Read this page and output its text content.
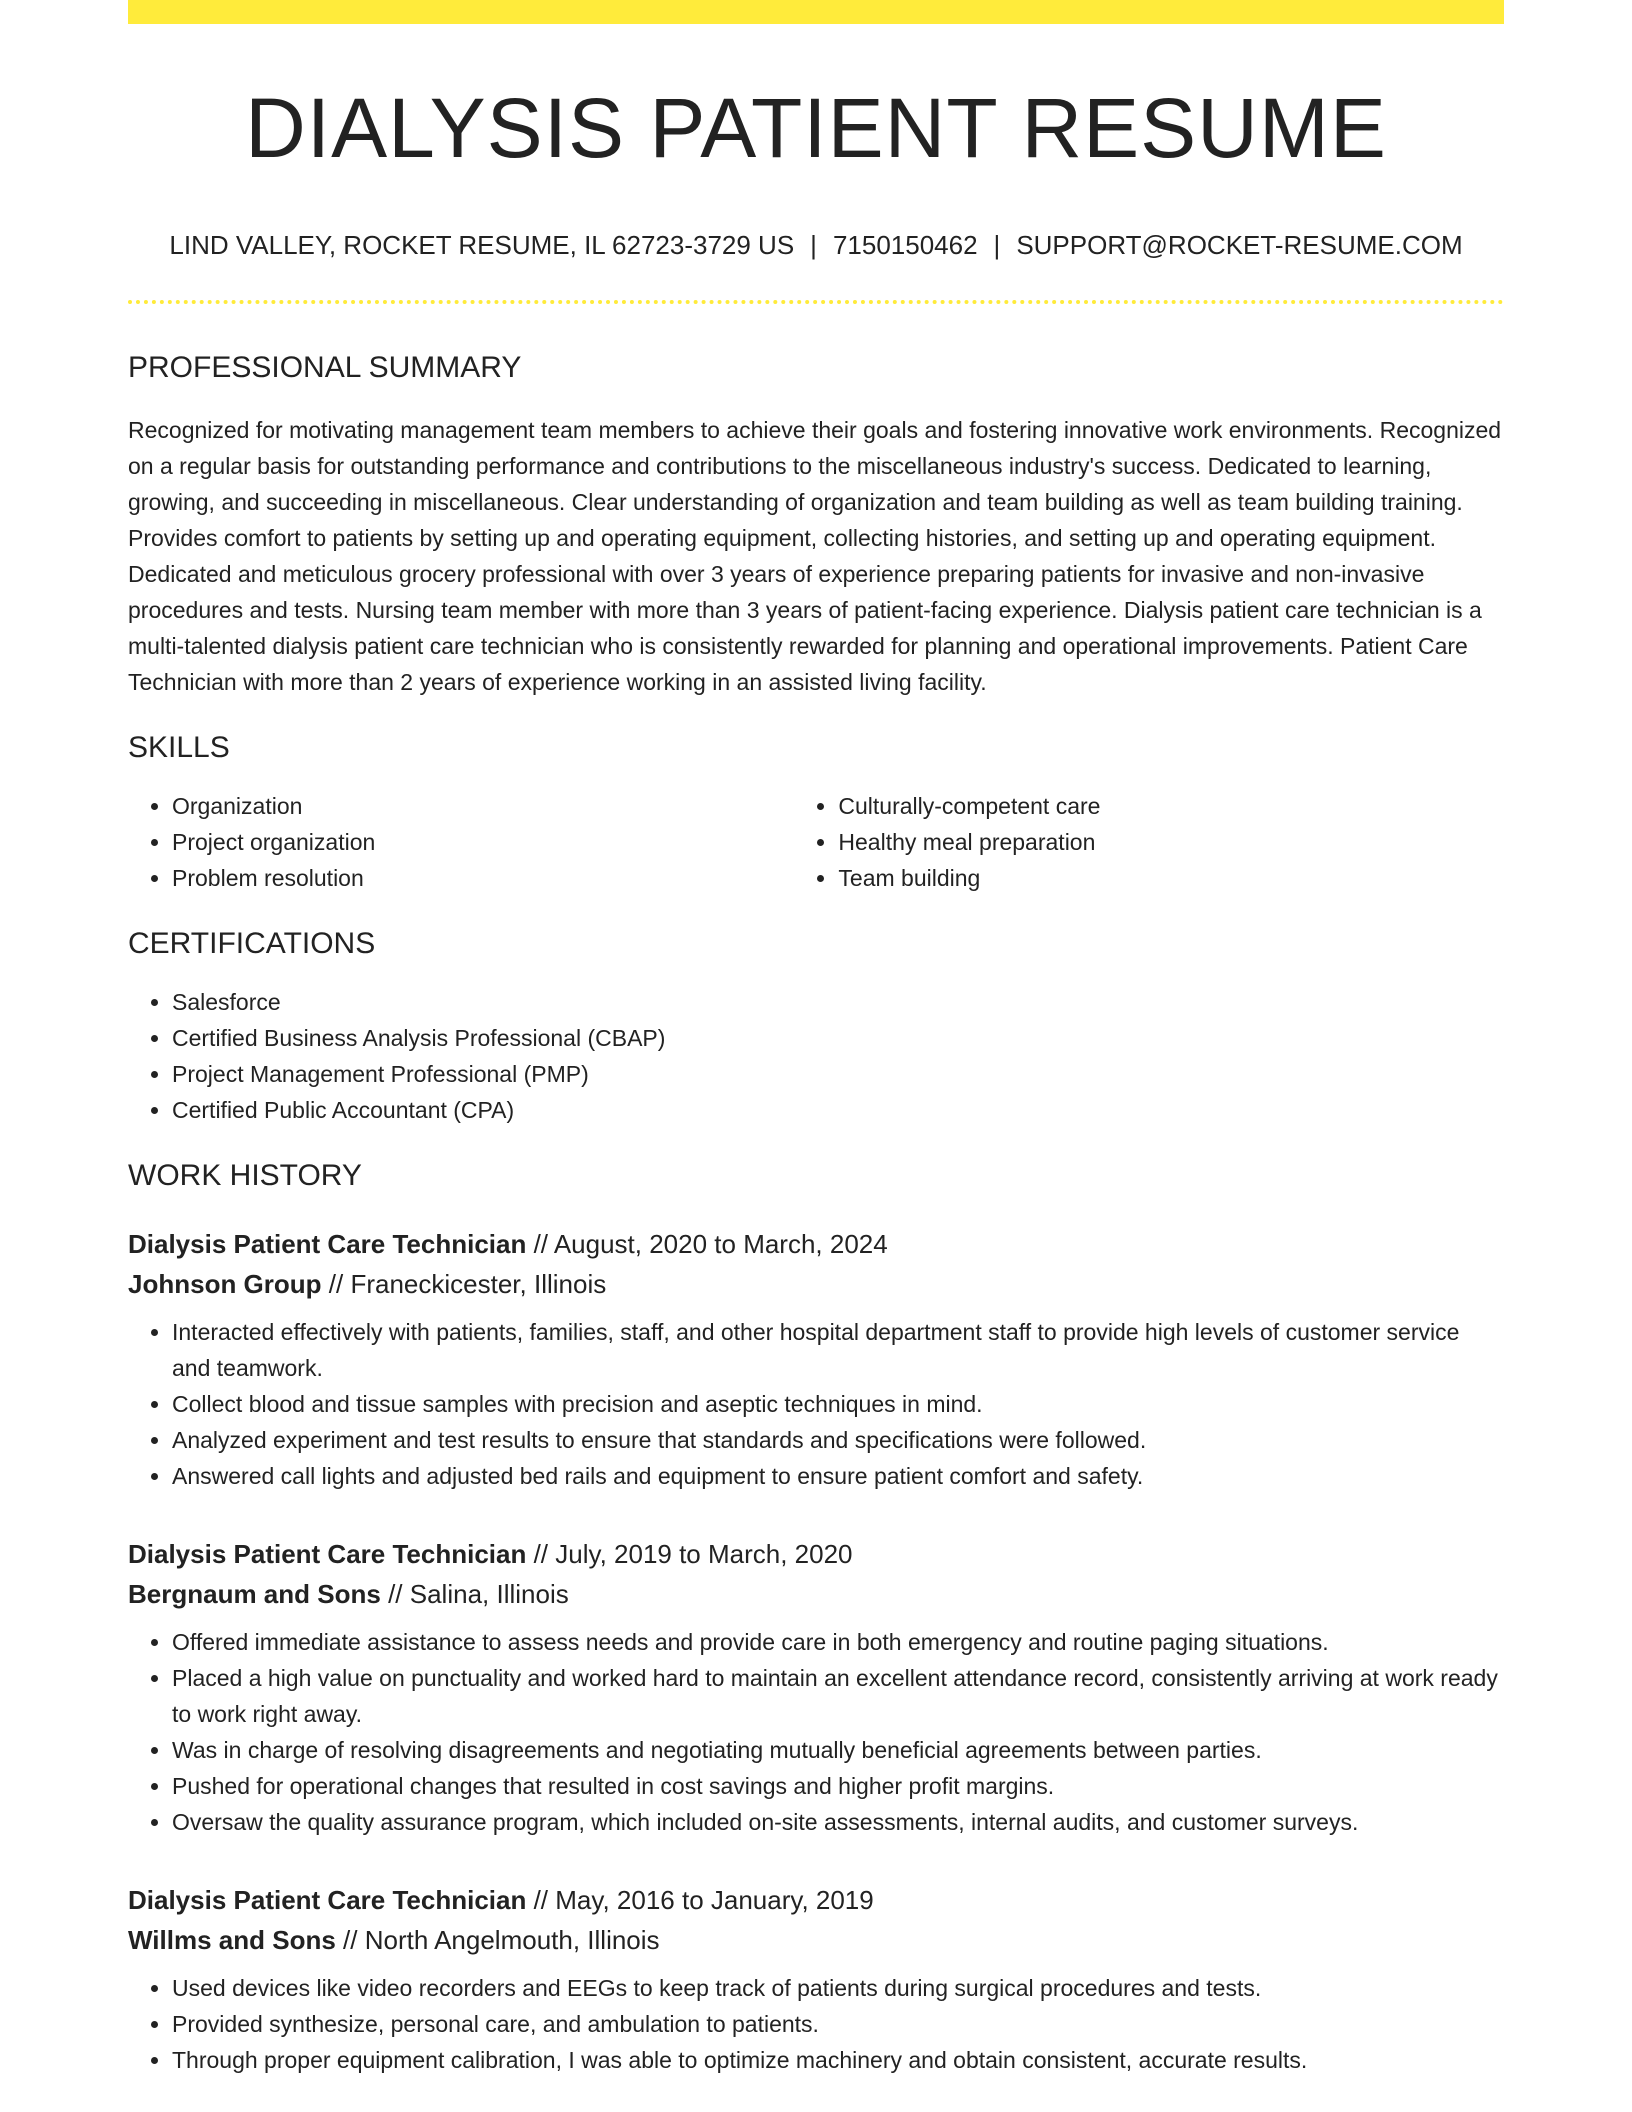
DIALYSIS PATIENT RESUME
LIND VALLEY, ROCKET RESUME, IL 62723-3729 US | 7150150462 | SUPPORT@ROCKET-RESUME.COM
PROFESSIONAL SUMMARY
Recognized for motivating management team members to achieve their goals and fostering innovative work environments. Recognized on a regular basis for outstanding performance and contributions to the miscellaneous industry's success. Dedicated to learning, growing, and succeeding in miscellaneous. Clear understanding of organization and team building as well as team building training. Provides comfort to patients by setting up and operating equipment, collecting histories, and setting up and operating equipment. Dedicated and meticulous grocery professional with over 3 years of experience preparing patients for invasive and non-invasive procedures and tests. Nursing team member with more than 3 years of patient-facing experience. Dialysis patient care technician is a multi-talented dialysis patient care technician who is consistently rewarded for planning and operational improvements. Patient Care Technician with more than 2 years of experience working in an assisted living facility.
SKILLS
• Organization
• Project organization
• Problem resolution
• Culturally-competent care
• Healthy meal preparation
• Team building
CERTIFICATIONS
• Salesforce
• Certified Business Analysis Professional (CBAP)
• Project Management Professional (PMP)
• Certified Public Accountant (CPA)
WORK HISTORY
Dialysis Patient Care Technician // August, 2020 to March, 2024
Johnson Group // Franeckicester, Illinois
• Interacted effectively with patients, families, staff, and other hospital department staff to provide high levels of customer service and teamwork.
• Collect blood and tissue samples with precision and aseptic techniques in mind.
• Analyzed experiment and test results to ensure that standards and specifications were followed.
• Answered call lights and adjusted bed rails and equipment to ensure patient comfort and safety.
Dialysis Patient Care Technician // July, 2019 to March, 2020
Bergnaum and Sons // Salina, Illinois
• Offered immediate assistance to assess needs and provide care in both emergency and routine paging situations.
• Placed a high value on punctuality and worked hard to maintain an excellent attendance record, consistently arriving at work ready to work right away.
• Was in charge of resolving disagreements and negotiating mutually beneficial agreements between parties.
• Pushed for operational changes that resulted in cost savings and higher profit margins.
• Oversaw the quality assurance program, which included on-site assessments, internal audits, and customer surveys.
Dialysis Patient Care Technician // May, 2016 to January, 2019
Willms and Sons // North Angelmouth, Illinois
• Used devices like video recorders and EEGs to keep track of patients during surgical procedures and tests.
• Provided synthesize, personal care, and ambulation to patients.
• Through proper equipment calibration, I was able to optimize machinery and obtain consistent, accurate results.
